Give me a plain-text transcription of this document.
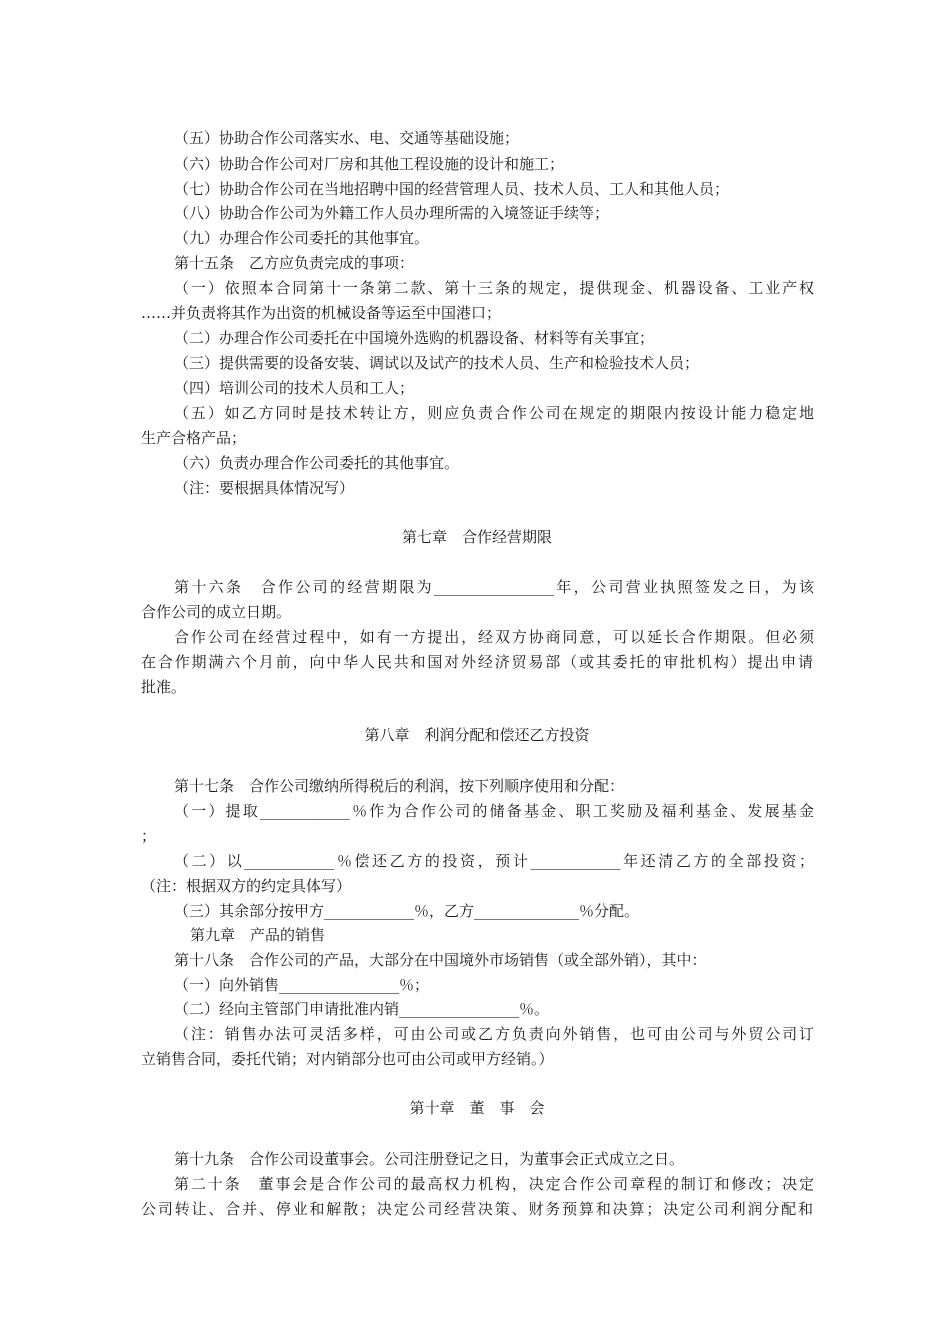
（五）协助合作公司落实水、电、交通等基础设施；

（六）协助合作公司对厂房和其他工程设施的设计和施工；

（七）协助合作公司在当地招聘中国的经营管理人员、技术人员、工人和其他人员；

（八）协助合作公司为外籍工作人员办理所需的入境签证手续等；

（九）办理合作公司委托的其他事宜。

第十五条　乙方应负责完成的事项：

（一）依照本合同第十一条第二款、第十三条的规定，提供现金、机器设备、工业产权

……并负责将其作为出资的机械设备等运至中国港口；

（二）办理合作公司委托在中国境外选购的机器设备、材料等有关事宜；

（三）提供需要的设备安装、调试以及试产的技术人员、生产和检验技术人员；

（四）培训公司的技术人员和工人；

（五）如乙方同时是技术转让方，则应负责合作公司在规定的期限内按设计能力稳定地

生产合格产品；

（六）负责办理合作公司委托的其他事宜。

（注：要根据具体情况写）

第七章　合作经营期限

第十六条　合作公司的经营期限为________________年，公司营业执照签发之日，为该

合作公司的成立日期。

合作公司在经营过程中，如有一方提出，经双方协商同意，可以延长合作期限。但必须

在合作期满六个月前，向中华人民共和国对外经济贸易部（或其委托的审批机构）提出申请

批准。

第八章　利润分配和偿还乙方投资

第十七条　合作公司缴纳所得税后的利润，按下列顺序使用和分配：

（一）提取____________％作为合作公司的储备基金、职工奖励及福利基金、发展基金

；

（二）以____________％偿还乙方的投资，预计____________年还清乙方的全部投资；

（注：根据双方的约定具体写）

（三）其余部分按甲方____________％，乙方______________％分配。

第九章　产品的销售

第十八条　合作公司的产品，大部分在中国境外市场销售（或全部外销），其中：

（一）向外销售________________％；

（二）经向主管部门申请批准内销________________％。

（注：销售办法可灵活多样，可由公司或乙方负责向外销售，也可由公司与外贸公司订

立销售合同，委托代销；对内销部分也可由公司或甲方经销。）

第十章　董　事　会

第十九条　合作公司设董事会。公司注册登记之日，为董事会正式成立之日。

第二十条　董事会是合作公司的最高权力机构，决定合作公司章程的制订和修改；决定

公司转让、合并、停业和解散；决定公司经营决策、财务预算和决算；决定公司利润分配和
